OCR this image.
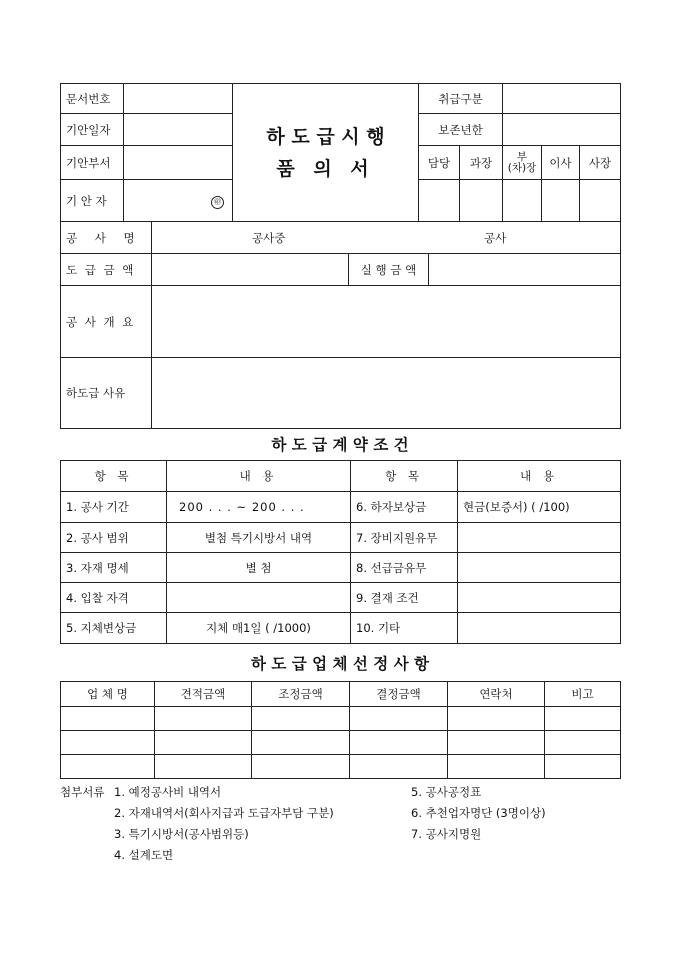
문서번호		하 도 급 시 행
품 의 서	취급구분				
기안일자			보존년한				
기안부서			담당	과장	부
(차)장	이사	사장
기 안 자	㊞						
공 사 명	공사중 공사		
도 급 금 액		실 행 금 액	
공 사 개 요			
하도급 사유			
하 도 급 계 약 조 건
항 목	내 용	항 목	내 용
1. 공사 기간	200 . . . ~ 200 . . .	6. 하자보상금	현금(보증서) ( /100)
2. 공사 범위	별첨 특기시방서 내역	7. 장비지원유무	
3. 자재 명세	별 첨	8. 선급금유무	
4. 입찰 자격		9. 결재 조건	
5. 지체변상금	지체 매1일 ( /1000)	10. 기타	
하 도 급 업 체 선 정 사 항
업 체 명	견적금액	조정금액	결정금액	연락처	비고

첨부서류 1. 예정공사비 내역서
2. 자재내역서(회사지급과 도급자부담 구분)
3. 특기시방서(공사범위등)
4. 설계도면
5. 공사공정표
6. 추천업자명단 (3명이상)
7. 공사지명원
